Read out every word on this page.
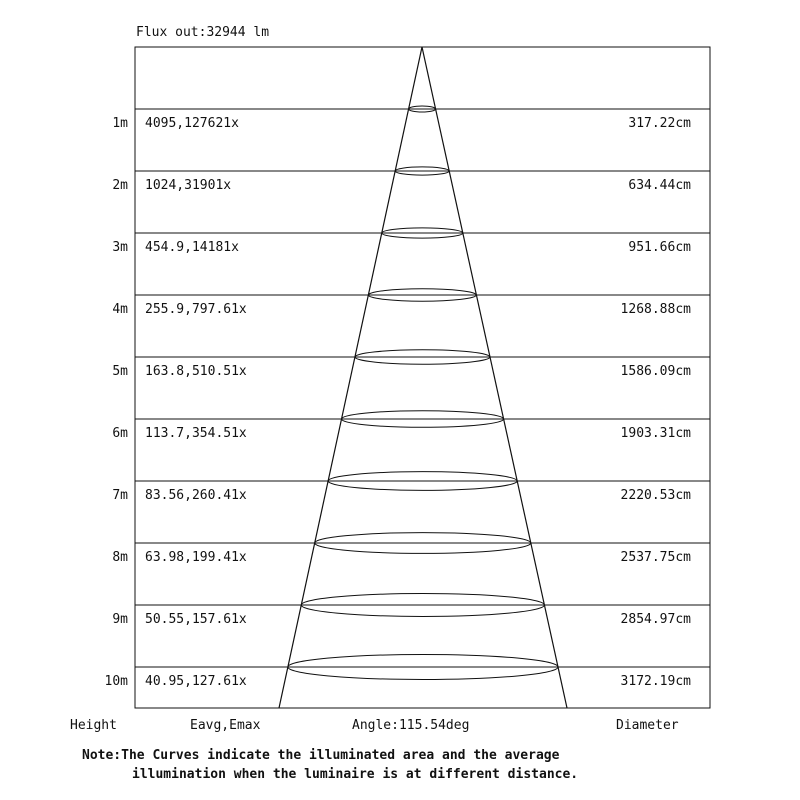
Flux out:32944 lm
1m 4095,127621x	317.22cm
2m 1024,31901x	634.44cm
3m 454.9,14181x	951.66cm
4m 255.9,797.61x	1268.88cm
5m 163.8,510.51x	1586.09cm
6m 113.7,354.51x	1903.31cm
7m 83.56,260.41x	2220.53cm
8m 63.98,199.41x	2537.75cm
9m 50.55,157.61x	2854.97cm
10m 40.95,127.61x	3172.19cm
Height	Eavg,Emax	Angle:115.54deg	Diameter
Note:The Curves indicate the illuminated area and the average
illumination when the luminaire is at different distance.
